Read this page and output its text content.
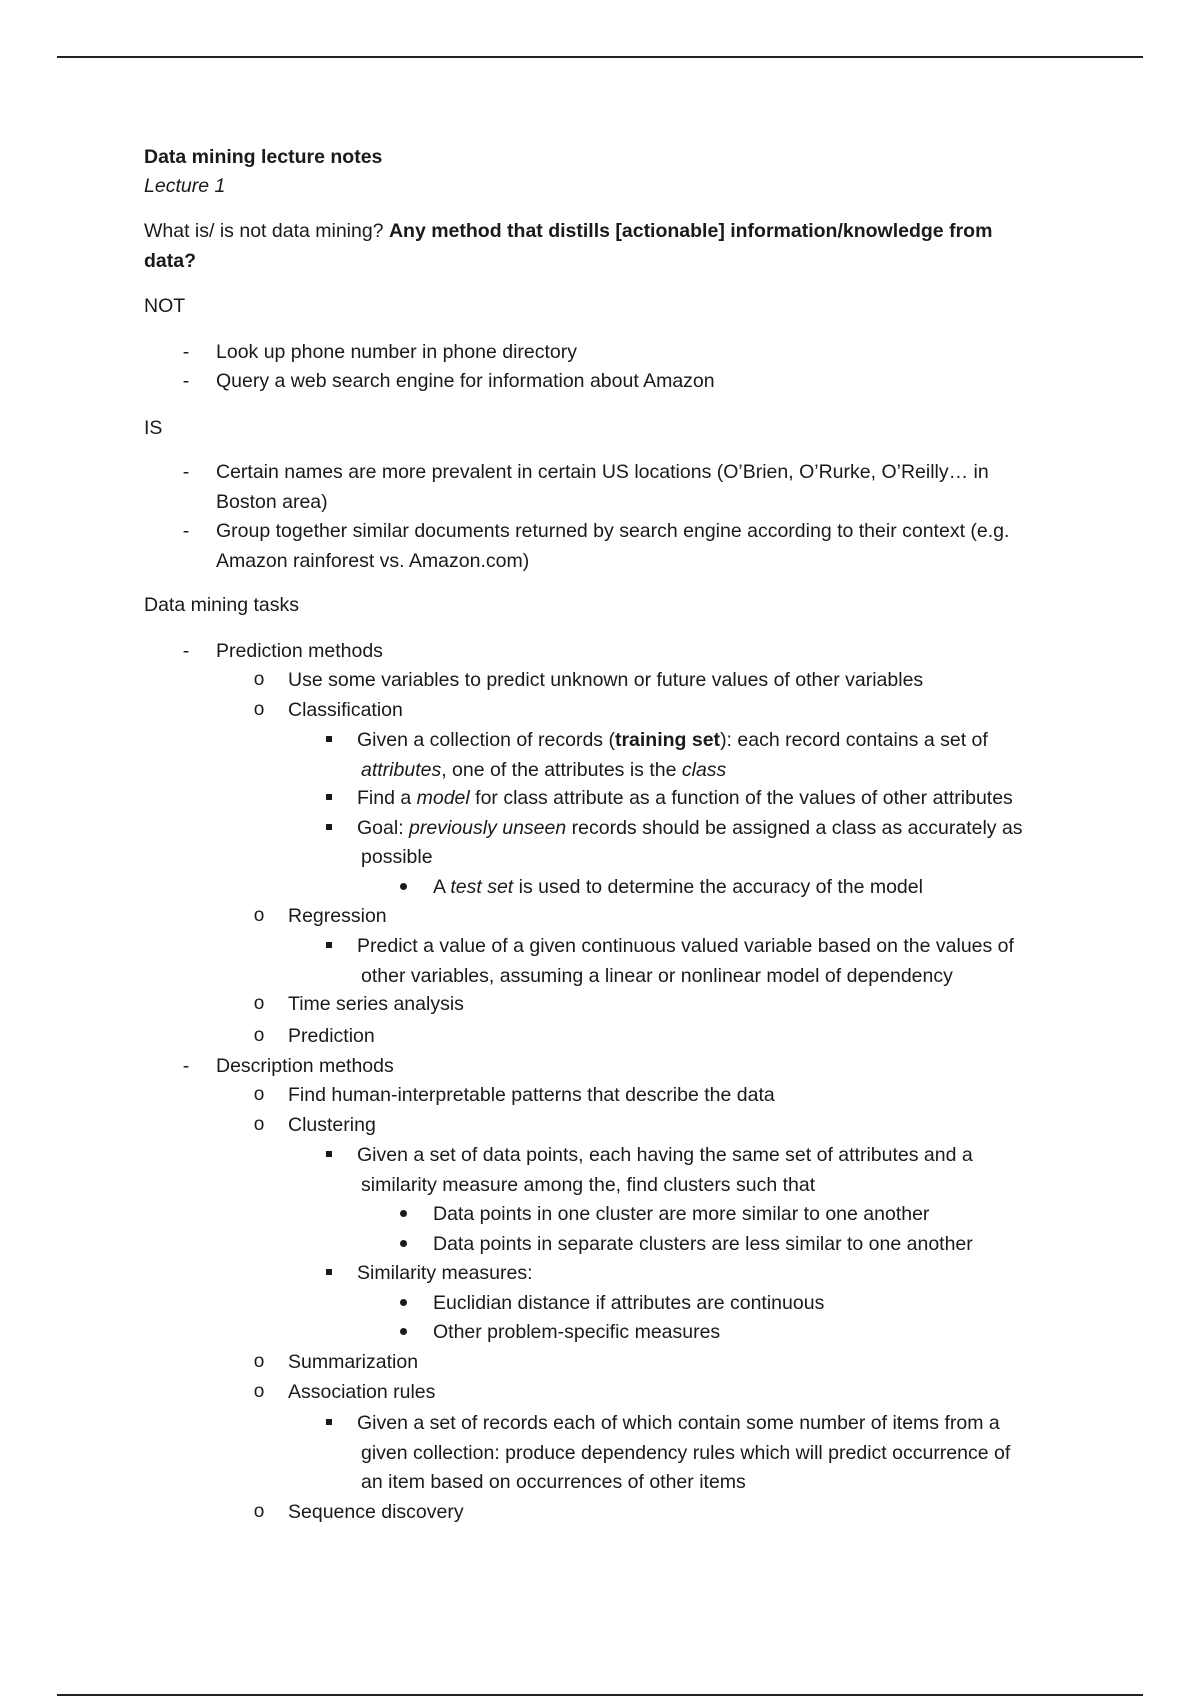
Data mining lecture notes
Lecture 1
What is/ is not data mining? Any method that distills [actionable] information/knowledge from
data?
NOT
- Look up phone number in phone directory
- Query a web search engine for information about Amazon
IS
- Certain names are more prevalent in certain US locations (O’Brien, O’Rurke, O’Reilly… in
Boston area)
- Group together similar documents returned by search engine according to their context (e.g.
Amazon rainforest vs. Amazon.com)
Data mining tasks
- Prediction methods
o Use some variables to predict unknown or future values of other variables
o Classification
Given a collection of records (training set): each record contains a set of
attributes, one of the attributes is the class
Find a model for class attribute as a function of the values of other attributes
Goal: previously unseen records should be assigned a class as accurately as
possible
A test set is used to determine the accuracy of the model
o Regression
Predict a value of a given continuous valued variable based on the values of
other variables, assuming a linear or nonlinear model of dependency
o Time series analysis
o Prediction
- Description methods
o Find human-interpretable patterns that describe the data
o Clustering
Given a set of data points, each having the same set of attributes and a
similarity measure among the, find clusters such that
Data points in one cluster are more similar to one another
Data points in separate clusters are less similar to one another
Similarity measures:
Euclidian distance if attributes are continuous
Other problem-specific measures
o Summarization
o Association rules
Given a set of records each of which contain some number of items from a
given collection: produce dependency rules which will predict occurrence of
an item based on occurrences of other items
o Sequence discovery
